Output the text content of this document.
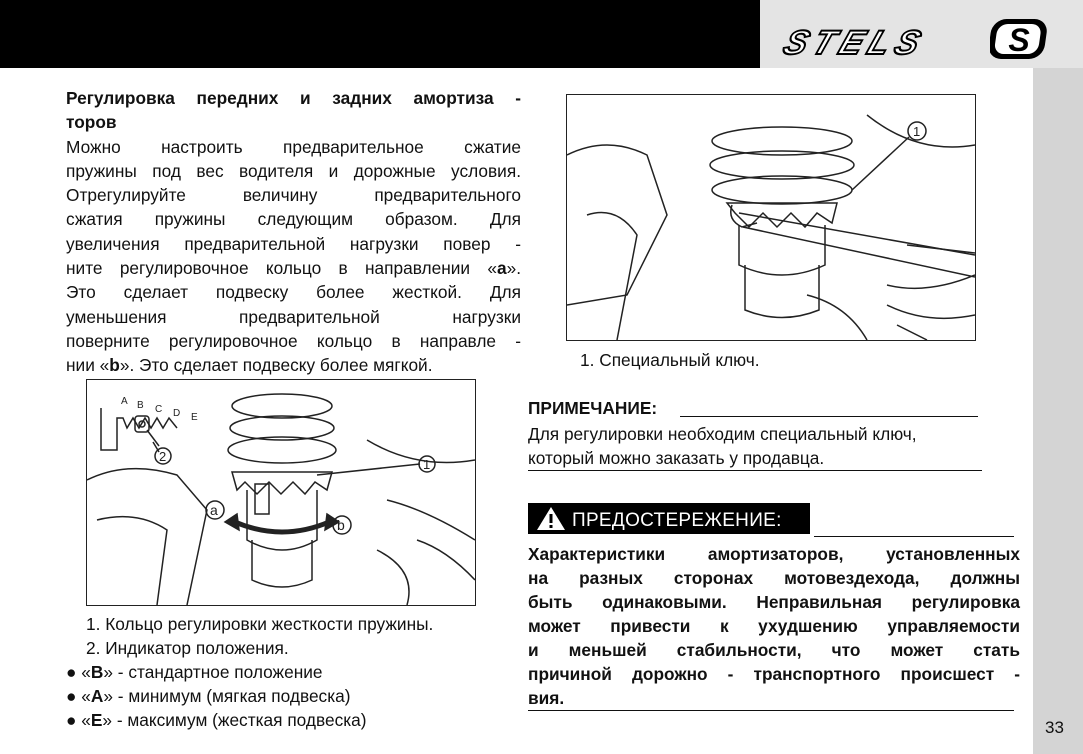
STELS S
33
Регулировка передних и задних амортиза -
торов
Можно настроить предварительное сжатие
пружины под вес водителя и дорожные условия.
Отрегулируйте величину предварительного
сжатия пружины следующим образом. Для
увеличения предварительной нагрузки повер -
ните регулировочное кольцо в направлении «a».
Это сделает подвеску более жесткой. Для
уменьшения предварительной нагрузки
поверните регулировочное кольцо в направле -
нии «b». Это сделает подвеску более мягкой.
A B C D E
1
2
a
b
1. Кольцо регулировки жесткости пружины.
2. Индикатор положения.
● «B» - стандартное положение
● «A» - минимум (мягкая подвеска)
● «E» - максимум (жесткая подвеска)
1
1. Специальный ключ.
ПРИМЕЧАНИЕ:
Для регулировки необходим специальный ключ,
который можно заказать у продавца.
ПРЕДОСТЕРЕЖЕНИЕ:
Характеристики амортизаторов, установленных
на разных сторонах мотовездехода, должны
быть одинаковыми. Неправильная регулировка
может привести к ухудшению управляемости
и меньшей стабильности, что может стать
причиной дорожно - транспортного происшест -
вия.
